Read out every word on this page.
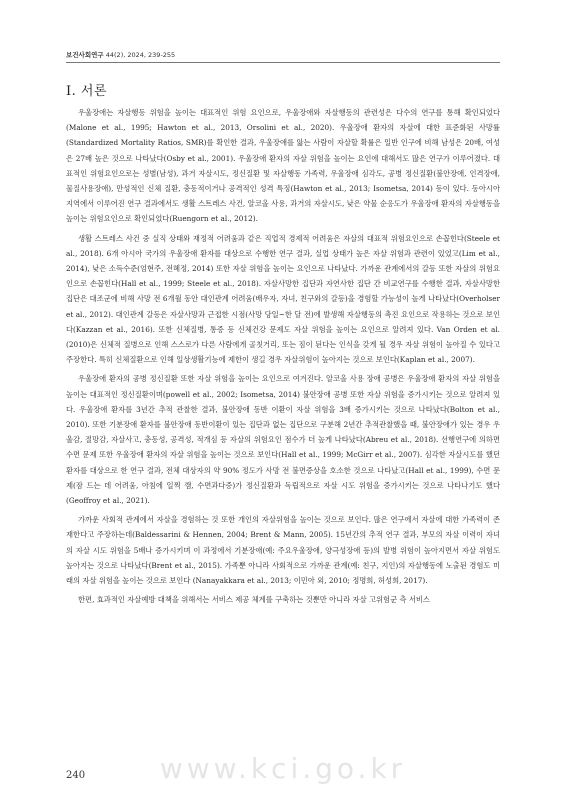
보건사회연구 44(2), 2024, 239-255
Ⅰ. 서론

우울장애는 자살행동 위험을 높이는 대표적인 위험 요인으로, 우울장애와 자살행동의 관련성은 다수의 연구를 통해 확인되었다(Malone et al., 1995; Hawton et al., 2013, Orsolini et al., 2020). 우울장애 환자의 자살에 대한 표준화된 사망률(Standardized Mortality Ratios, SMR)를 확인한 결과, 우울장애를 앓는 사람이 자살할 확률은 일반 인구에 비해 남성은 20배, 여성은 27배 높은 것으로 나타났다(Osby et al., 2001). 우울장애 환자의 자살 위험을 높이는 요인에 대해서도 많은 연구가 이루어졌다. 대표적인 위험요인으로는 성별(남성), 과거 자살시도, 정신질환 및 자살행동 가족력, 우울장애 심각도, 공병 정신질환(불안장애, 인격장애, 물질사용장애), 만성적인 신체 질환, 충동적이거나 공격적인 성격 특징(Hawton et al., 2013; Isometsa, 2014) 등이 있다. 동아시아 지역에서 이루어진 연구 결과에서도 생활 스트레스 사건, 알코올 사용, 과거의 자살시도, 낮은 약물 순응도가 우울장애 환자의 자살행동을 높이는 위험요인으로 확인되었다(Ruengorn et al., 2012).

생활 스트레스 사건 중 실직 상태와 재정적 어려움과 같은 직업적 경제적 어려움은 자살의 대표적 위험요인으로 손꼽힌다(Steele et al., 2018). 6개 아시아 국가의 우울장애 환자를 대상으로 수행한 연구 결과, 실업 상태가 높은 자살 위험과 관련이 있었고(Lim et al., 2014), 낮은 소득수준(엄현주, 전혜정, 2014) 또한 자살 위험을 높이는 요인으로 나타났다. 가까운 관계에서의 갈등 또한 자살의 위험요인으로 손꼽힌다(Hall et al., 1999; Steele et al., 2018). 자살사망한 집단과 자연사한 집단 간 비교연구를 수행한 결과, 자살사망한 집단은 대조군에 비해 사망 전 6개월 동안 대인관계 어려움(배우자, 자녀, 친구와의 갈등)을 경험할 가능성이 높게 나타났다(Overholser et al., 2012). 대인관계 갈등은 자살사망과 근접한 시점(사망 당일~한 달 전)에 발생해 자살행동의 촉진 요인으로 작용하는 것으로 보인다(Kazzan et al., 2016). 또한 신체질병, 통증 등 신체건강 문제도 자살 위험을 높이는 요인으로 알려져 있다. Van Orden et al.(2010)은 신체적 질병으로 인해 스스로가 다른 사람에게 골칫거리, 또는 짐이 된다는 인식을 갖게 될 경우 자살 위험이 높아질 수 있다고 주장한다. 특히 신체질환으로 인해 일상생활기능에 제한이 생길 경우 자살위험이 높아지는 것으로 보인다(Kaplan et al., 2007).

우울장애 환자의 공병 정신질환 또한 자살 위험을 높이는 요인으로 여겨진다. 알코올 사용 장애 공병은 우울장애 환자의 자살 위험을 높이는 대표적인 정신질환이며(powell et al., 2002; Isometsa, 2014) 불안장애 공병 또한 자살 위험을 증가시키는 것으로 알려져 있다. 우울장애 환자를 3년간 추적 관찰한 결과, 불안장애 동반 이환이 자살 위험을 3배 증가시키는 것으로 나타났다(Bolton et al., 2010). 또한 기분장애 환자를 불안장애 동반이환이 있는 집단과 없는 집단으로 구분해 2년간 추적관찰했을 때, 불안장애가 있는 경우 우울감, 절망감, 자살사고, 충동성, 공격성, 적개심 등 자살의 위험요인 점수가 더 높게 나타났다(Abreu et al., 2018). 선행연구에 의하면 수면 문제 또한 우울장애 환자의 자살 위험을 높이는 것으로 보인다(Hall et al., 1999; McGirr et al., 2007). 심각한 자살시도를 했던 환자를 대상으로 한 연구 결과, 전체 대상자의 약 90% 정도가 사망 전 불면증상을 호소한 것으로 나타났고(Hall et al., 1999), 수면 문제(잠 드는 데 어려움, 아침에 일찍 깸, 수면과다증)가 정신질환과 독립적으로 자살 시도 위험을 증가시키는 것으로 나타나기도 했다(Geoffroy et al., 2021).

가까운 사회적 관계에서 자살을 경험하는 것 또한 개인의 자살위험을 높이는 것으로 보인다. 많은 연구에서 자살에 대한 가족력이 존재한다고 주장하는데(Baldessarini & Hennen, 2004; Brent & Mann, 2005). 15년간의 추적 연구 결과, 부모의 자살 이력이 자녀의 자살 시도 위험을 5배나 증가시키며 이 과정에서 기분장애(예: 주요우울장애, 양극성장애 등)의 발병 위험이 높아지면서 자살 위험도 높아지는 것으로 나타났다(Brent et al., 2015). 가족뿐 아니라 사회적으로 가까운 관계(예: 친구, 지인)의 자살행동에 노출된 경험도 미래의 자살 위험을 높이는 것으로 보인다 (Nanayakkara et al., 2013; 이민아 외, 2010; 정명희, 허성희, 2017).

한편, 효과적인 자살예방 대책을 위해서는 서비스 제공 체계를 구축하는 것뿐만 아니라 자살 고위험군 측 서비스

www.kci.go.kr
240
